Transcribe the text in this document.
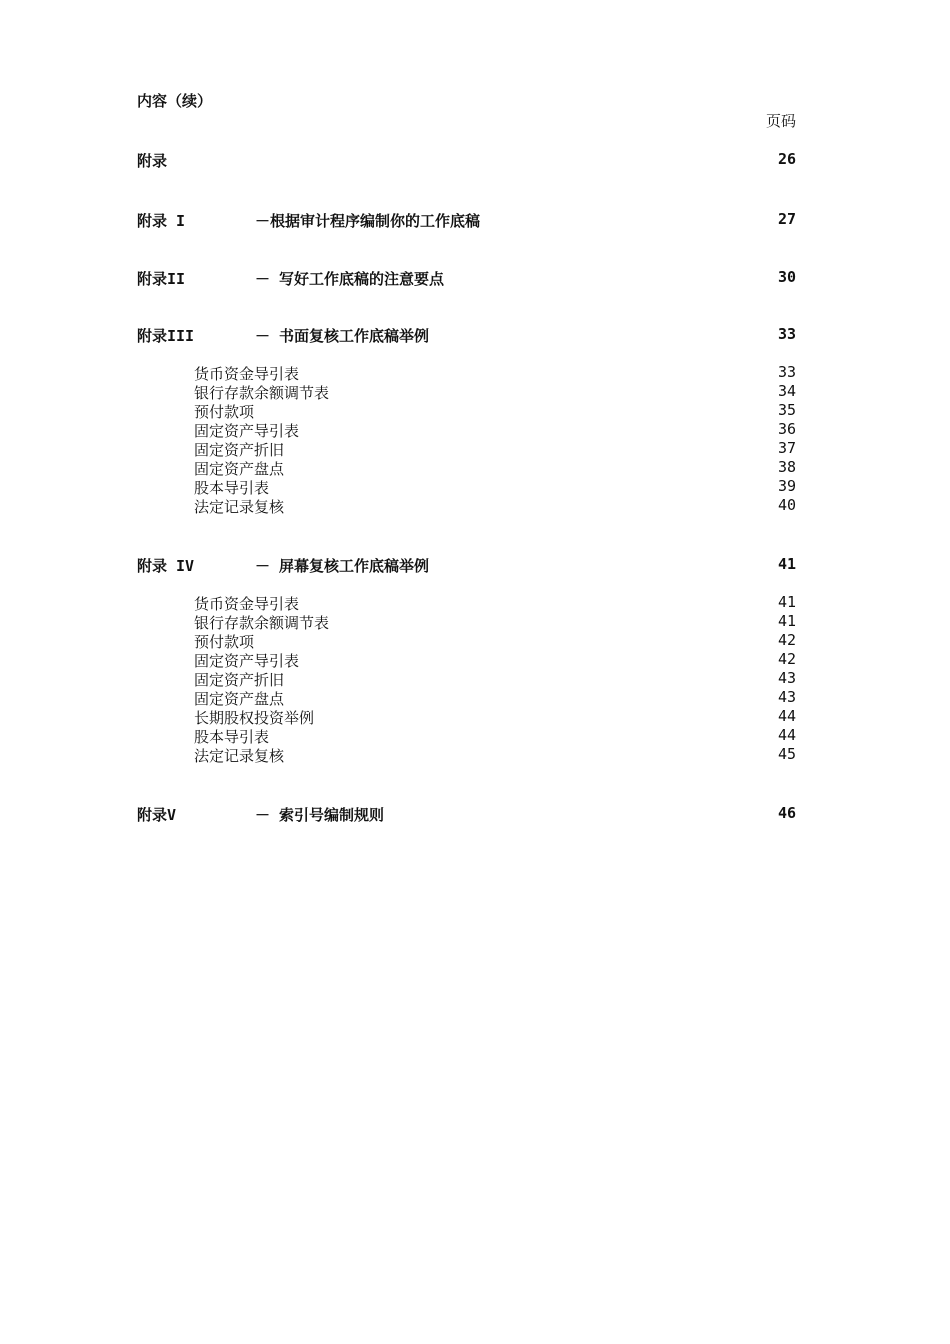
内容（续）
页码
附录	26
附录 I	－根据审计程序编制你的工作底稿	27
附录II	－ 写好工作底稿的注意要点	30
附录III	－ 书面复核工作底稿举例	33
货币资金导引表	33
银行存款余额调节表	34
预付款项	35
固定资产导引表	36
固定资产折旧	37
固定资产盘点	38
股本导引表	39
法定记录复核	40
附录 IV	－ 屏幕复核工作底稿举例	41
货币资金导引表	41
银行存款余额调节表	41
预付款项	42
固定资产导引表	42
固定资产折旧	43
固定资产盘点	43
长期股权投资举例	44
股本导引表	44
法定记录复核	45
附录V	－ 索引号编制规则	46
